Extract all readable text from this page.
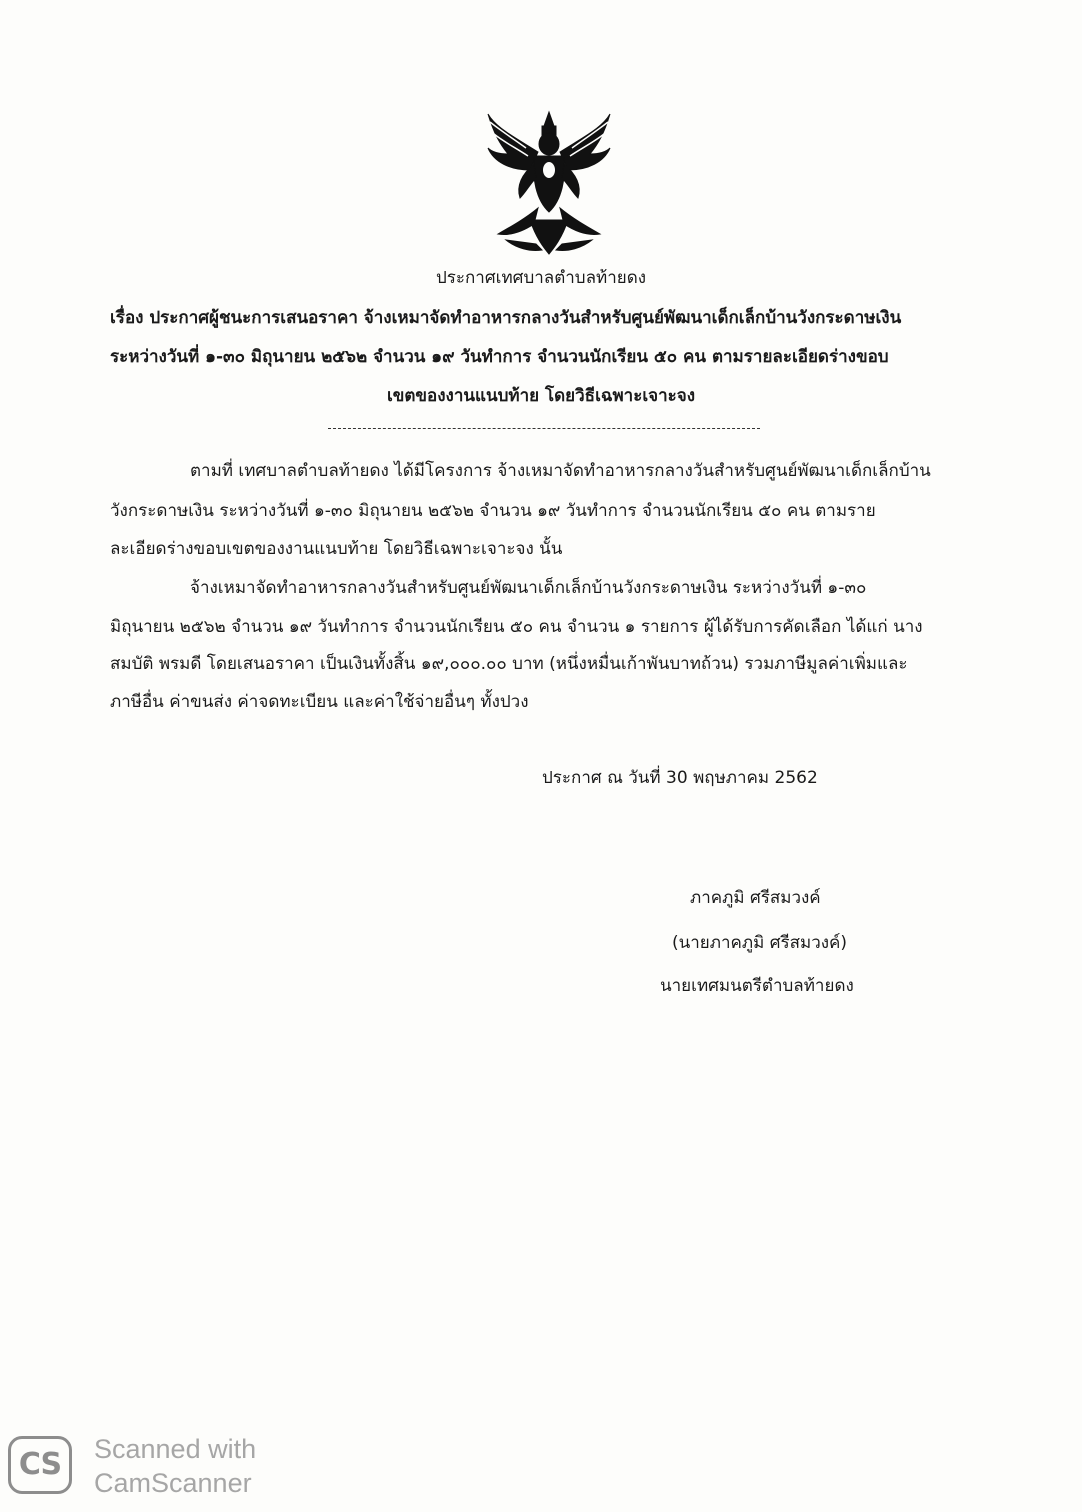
ประกาศเทศบาลตำบลท้ายดง
เรื่อง ประกาศผู้ชนะการเสนอราคา จ้างเหมาจัดทำอาหารกลางวันสำหรับศูนย์พัฒนาเด็กเล็กบ้านวังกระดาษเงิน
ระหว่างวันที่ ๑-๓๐ มิถุนายน ๒๕๖๒ จำนวน ๑๙ วันทำการ จำนวนนักเรียน ๕๐ คน ตามรายละเอียดร่างขอบ
เขตของงานแนบท้าย โดยวิธีเฉพาะเจาะจง
ตามที่ เทศบาลตำบลท้ายดง ได้มีโครงการ จ้างเหมาจัดทำอาหารกลางวันสำหรับศูนย์พัฒนาเด็กเล็กบ้าน
วังกระดาษเงิน ระหว่างวันที่ ๑-๓๐ มิถุนายน ๒๕๖๒ จำนวน ๑๙ วันทำการ จำนวนนักเรียน ๕๐ คน ตามราย
ละเอียดร่างขอบเขตของงานแนบท้าย โดยวิธีเฉพาะเจาะจง นั้น
จ้างเหมาจัดทำอาหารกลางวันสำหรับศูนย์พัฒนาเด็กเล็กบ้านวังกระดาษเงิน ระหว่างวันที่ ๑-๓๐
มิถุนายน ๒๕๖๒ จำนวน ๑๙ วันทำการ จำนวนนักเรียน ๕๐ คน จำนวน ๑ รายการ ผู้ได้รับการคัดเลือก ได้แก่ นาง
สมบัติ พรมดี โดยเสนอราคา เป็นเงินทั้งสิ้น ๑๙,๐๐๐.๐๐ บาท (หนึ่งหมื่นเก้าพันบาทถ้วน) รวมภาษีมูลค่าเพิ่มและ
ภาษีอื่น ค่าขนส่ง ค่าจดทะเบียน และค่าใช้จ่ายอื่นๆ ทั้งปวง
ประกาศ ณ วันที่ 30 พฤษภาคม 2562
ภาคภูมิ ศรีสมวงค์
(นายภาคภูมิ ศรีสมวงค์)
นายเทศมนตรีตำบลท้ายดง
CS	Scanned with
CamScanner
